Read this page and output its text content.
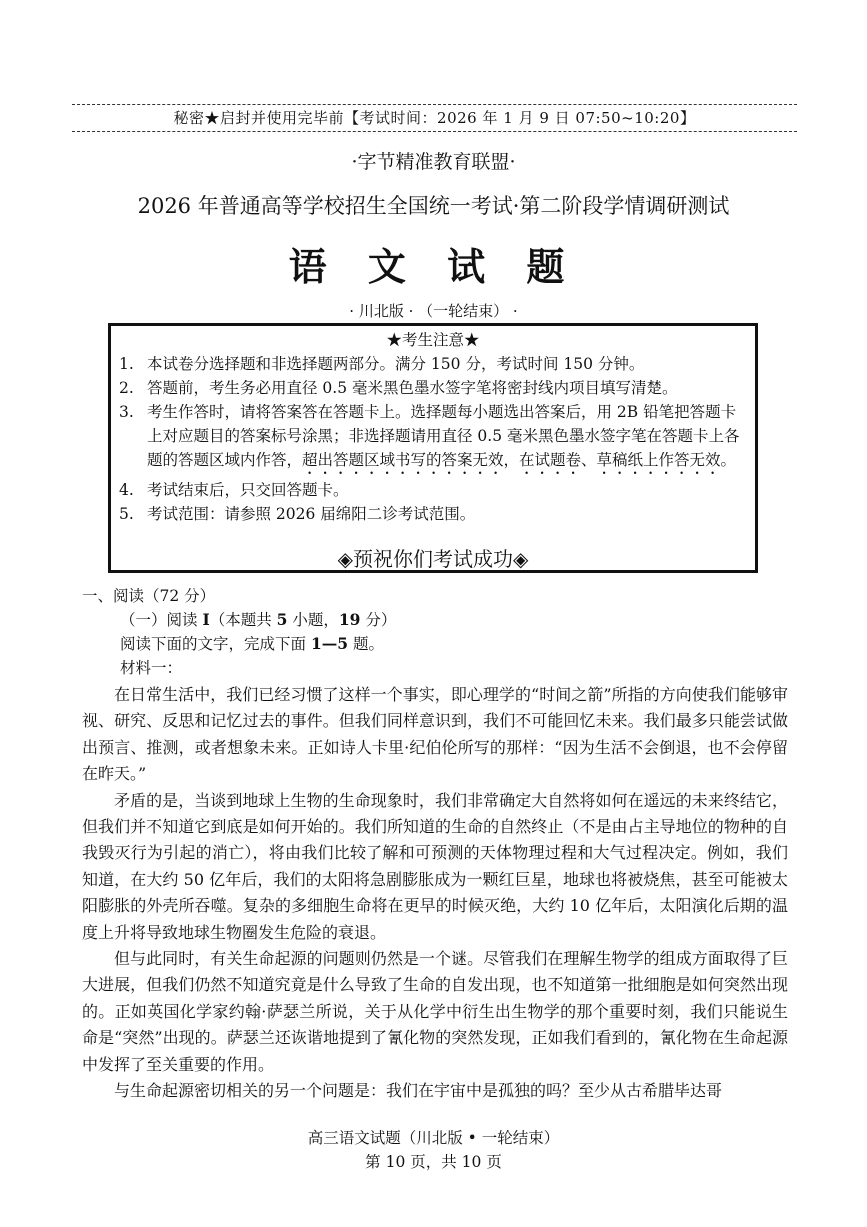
秘密★启封并使用完毕前【考试时间：2026 年 1 月 9 日 07:50~10:20】
·字节精准教育联盟·
2026 年普通高等学校招生全国统一考试·第二阶段学情调研测试
语 文 试 题
· 川北版 · （一轮结束） ·
★考生注意★
1. 本试卷分选择题和非选择题两部分。满分 150 分，考试时间 150 分钟。
2. 答题前，考生务必用直径 0.5 毫米黑色墨水签字笔将密封线内项目填写清楚。
3. 考生作答时，请将答案答在答题卡上。选择题每小题选出答案后，用 2B 铅笔把答题卡上对应题目的答案标号涂黑；非选择题请用直径 0.5 毫米黑色墨水签字笔在答题卡上各题的答题区域内作答，超出答题区域书写的答案无效，在试题卷、草稿纸上作答无效。
4. 考试结束后，只交回答题卡。
5. 考试范围：请参照 2026 届绵阳二诊考试范围。
◈预祝你们考试成功◈
一、阅读（72 分）
（一）阅读 I（本题共 5 小题，19 分）
阅读下面的文字，完成下面 1—5 题。
材料一：

在日常生活中，我们已经习惯了这样一个事实，即心理学的“时间之箭”所指的方向使我们能够审视、研究、反思和记忆过去的事件。但我们同样意识到，我们不可能回忆未来。我们最多只能尝试做出预言、推测，或者想象未来。正如诗人卡里·纪伯伦所写的那样：“因为生活不会倒退，也不会停留在昨天。”

矛盾的是，当谈到地球上生物的生命现象时，我们非常确定大自然将如何在遥远的未来终结它，但我们并不知道它到底是如何开始的。我们所知道的生命的自然终止（不是由占主导地位的物种的自我毁灭行为引起的消亡），将由我们比较了解和可预测的天体物理过程和大气过程决定。例如，我们知道，在大约 50 亿年后，我们的太阳将急剧膨胀成为一颗红巨星，地球也将被烧焦，甚至可能被太阳膨胀的外壳所吞噬。复杂的多细胞生命将在更早的时候灭绝，大约 10 亿年后，太阳演化后期的温度上升将导致地球生物圈发生危险的衰退。

但与此同时，有关生命起源的问题则仍然是一个谜。尽管我们在理解生物学的组成方面取得了巨大进展，但我们仍然不知道究竟是什么导致了生命的自发出现，也不知道第一批细胞是如何突然出现的。正如英国化学家约翰·萨瑟兰所说，关于从化学中衍生出生物学的那个重要时刻，我们只能说生命是“突然”出现的。萨瑟兰还诙谐地提到了氰化物的突然发现，正如我们看到的，氰化物在生命起源中发挥了至关重要的作用。

与生命起源密切相关的另一个问题是：我们在宇宙中是孤独的吗？至少从古希腊毕达哥

高三语文试题（川北版 • 一轮结束）
第 10 页，共 10 页
